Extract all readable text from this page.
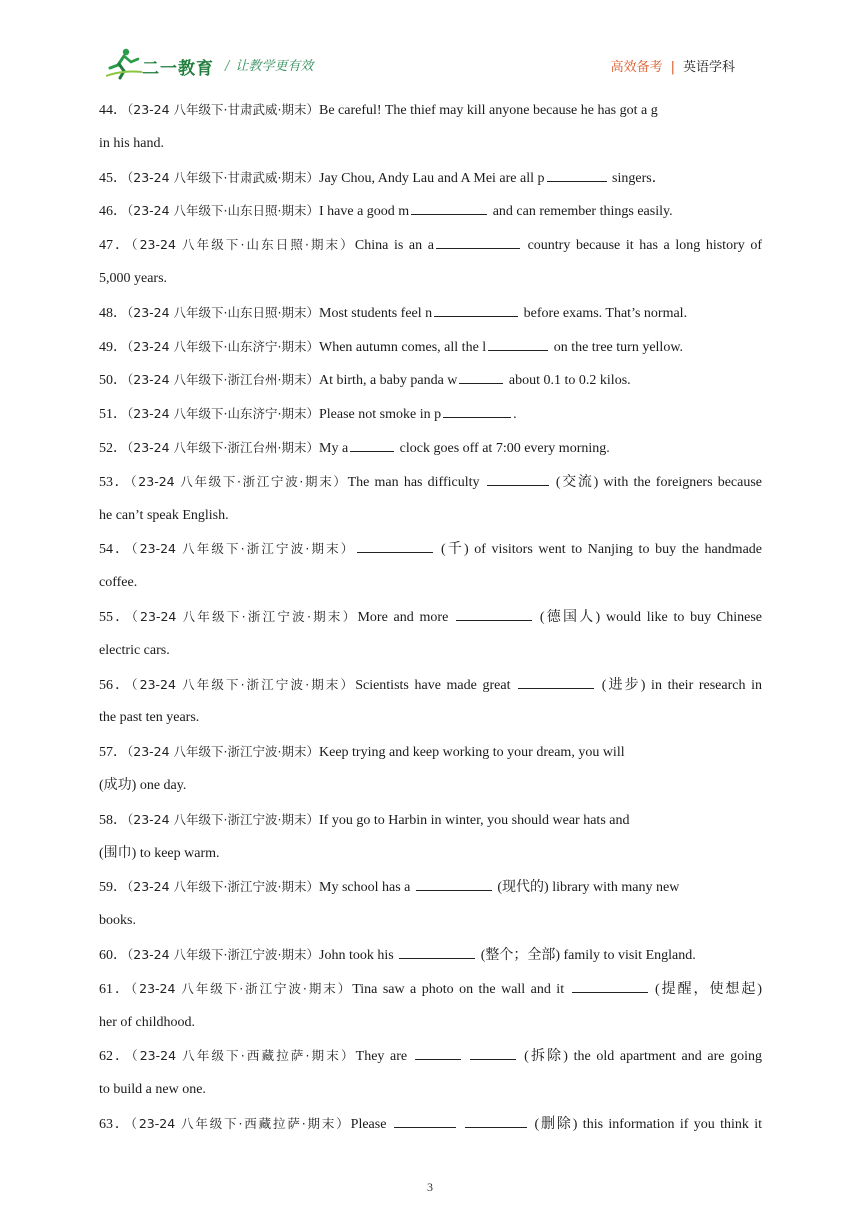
二一教育 / 让教学更有效	高效备考 | 英语学科
44．（23-24 八年级下·甘肃武威·期末）Be careful! The thief may kill anyone because he has got a g
in his hand.
45．（23-24 八年级下·甘肃武威·期末）Jay Chou, Andy Lau and A Mei are all p	singers．
46．（23-24 八年级下·山东日照·期末）I have a good m	and can remember things easily.
47．（23-24 八年级下·山东日照·期末）China is an a	country because it has a long history of
5,000 years.
48．（23-24 八年级下·山东日照·期末）Most students feel n	before exams. That’s normal.
49．（23-24 八年级下·山东济宁·期末）When autumn comes, all the l	on the tree turn yellow.
50．（23-24 八年级下·浙江台州·期末）At birth, a baby panda w	about 0.1 to 0.2 kilos.
51．（23-24 八年级下·山东济宁·期末）Please not smoke in p	.
52．（23-24 八年级下·浙江台州·期末）My a	clock goes off at 7:00 every morning.
53．（23-24 八年级下·浙江宁波·期末）The man has difficulty	(交流) with the foreigners because
he can’t speak English.
54．（23-24 八年级下·浙江宁波·期末）	(千) of visitors went to Nanjing to buy the handmade
coffee.
55．（23-24 八年级下·浙江宁波·期末）More and more	(德国人) would like to buy Chinese
electric cars.
56．（23-24 八年级下·浙江宁波·期末）Scientists have made great	(进步) in their research in
the past ten years.
57．（23-24 八年级下·浙江宁波·期末）Keep trying and keep working to your dream, you will
(成功) one day.
58．（23-24 八年级下·浙江宁波·期末）If you go to Harbin in winter, you should wear hats and
(围巾) to keep warm.
59．（23-24 八年级下·浙江宁波·期末）My school has a	(现代的) library with many new
books.
60．（23-24 八年级下·浙江宁波·期末）John took his	(整个；全部) family to visit England.
61．（23-24 八年级下·浙江宁波·期末）Tina saw a photo on the wall and it	(提醒，使想起)
her of childhood.
62．（23-24 八年级下·西藏拉萨·期末）They are	(拆除) the old apartment and are going
to build a new one.
63．（23-24 八年级下·西藏拉萨·期末）Please	(删除) this information if you think it
3
